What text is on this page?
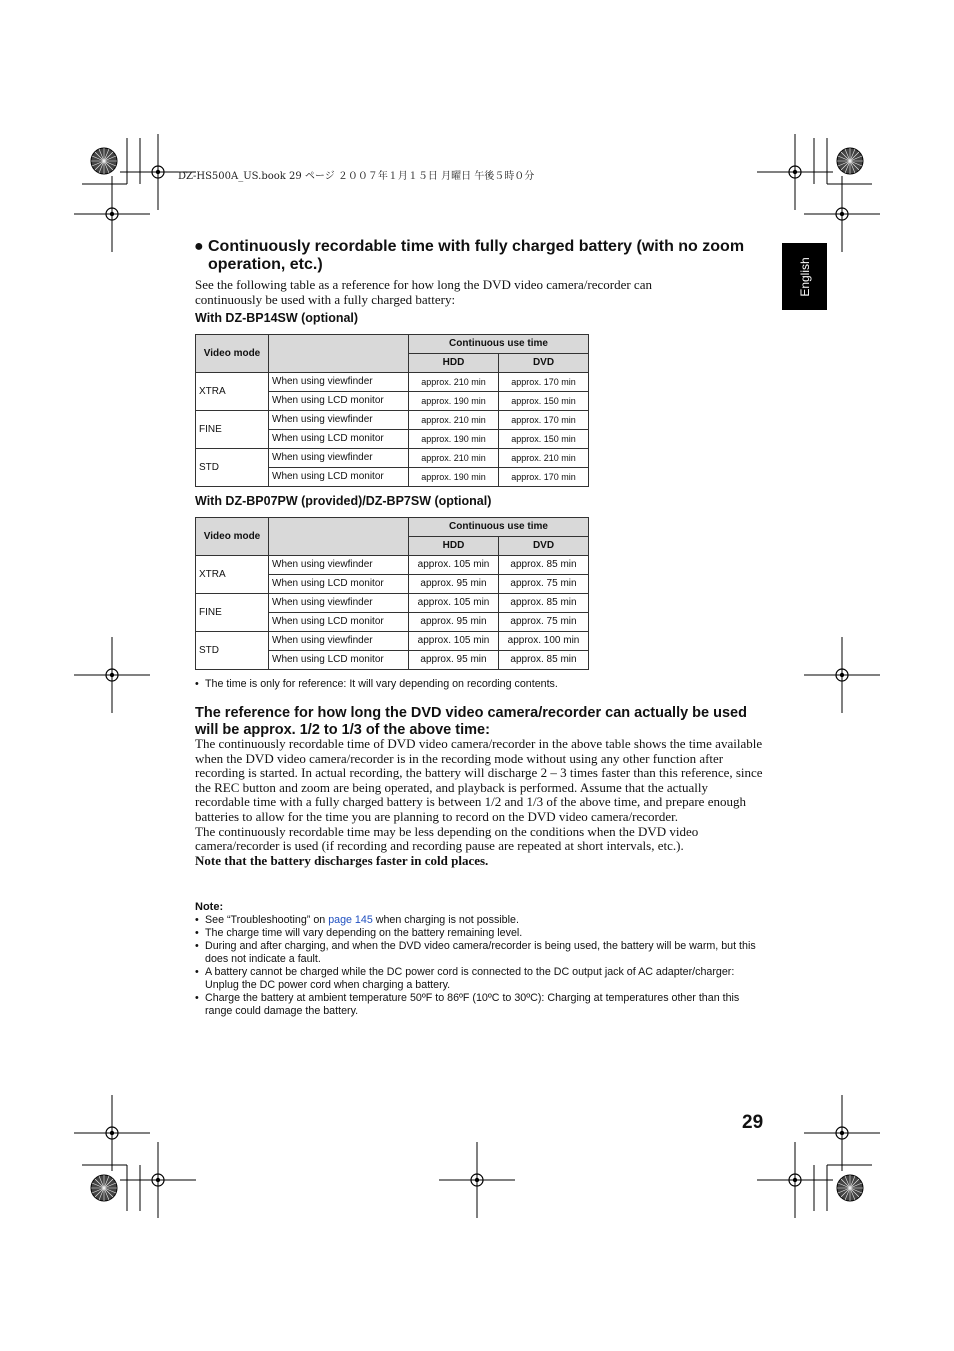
DZ-HS500A_US.book 29 ページ ２００７年１月１５日 月曜日 午後５時０分
English
● Continuously recordable time with fully charged battery (with no zoom
operation, etc.)
See the following table as a reference for how long the DVD video camera/recorder can continuously be used with a fully charged battery:
With DZ-BP14SW (optional)
Video mode		Continuous use time	
		HDD	DVD
XTRA	When using viewfinder	approx. 210 min	approx. 170 min
	When using LCD monitor	approx. 190 min	approx. 150 min
FINE	When using viewfinder	approx. 210 min	approx. 170 min
	When using LCD monitor	approx. 190 min	approx. 150 min
STD	When using viewfinder	approx. 210 min	approx. 210 min
	When using LCD monitor	approx. 190 min	approx. 170 min
With DZ-BP07PW (provided)/DZ-BP7SW (optional)
Video mode		Continuous use time	
		HDD	DVD
XTRA	When using viewfinder	approx. 105 min	approx. 85 min
	When using LCD monitor	approx. 95 min	approx. 75 min
FINE	When using viewfinder	approx. 105 min	approx. 85 min
	When using LCD monitor	approx. 95 min	approx. 75 min
STD	When using viewfinder	approx. 105 min	approx. 100 min
	When using LCD monitor	approx. 95 min	approx. 85 min
• The time is only for reference: It will vary depending on recording contents.
The reference for how long the DVD video camera/recorder can actually be used
will be approx. 1/2 to 1/3 of the above time:
The continuously recordable time of DVD video camera/recorder in the above table shows the time available when the DVD video camera/recorder is in the recording mode without using any other function after recording is started. In actual recording, the battery will discharge 2 – 3 times faster than this reference, since the REC button and zoom are being operated, and playback is performed. Assume that the actually recordable time with a fully charged battery is between 1/2 and 1/3 of the above time, and prepare enough batteries to allow for the time you are planning to record on the DVD video camera/recorder.
The continuously recordable time may be less depending on the conditions when the DVD video camera/recorder is used (if recording and recording pause are repeated at short intervals, etc.).
Note that the battery discharges faster in cold places.
Note:
• See “Troubleshooting” on page 145 when charging is not possible.
• The charge time will vary depending on the battery remaining level.
• During and after charging, and when the DVD video camera/recorder is being used, the battery will be warm, but this does not indicate a fault.
• A battery cannot be charged while the DC power cord is connected to the DC output jack of AC adapter/charger: Unplug the DC power cord when charging a battery.
• Charge the battery at ambient temperature 50ºF to 86ºF (10ºC to 30ºC): Charging at temperatures other than this range could damage the battery.
29
